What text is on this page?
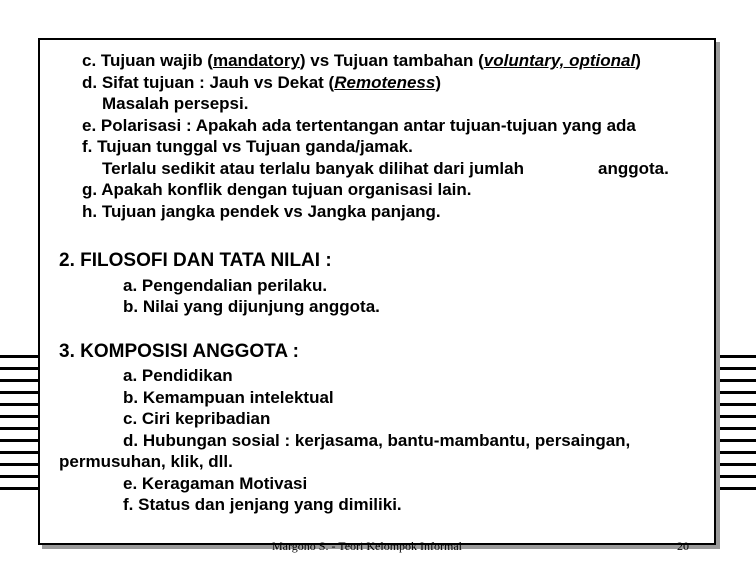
c. Tujuan wajib (mandatory) vs Tujuan tambahan (voluntary, optional)
d. Sifat tujuan : Jauh vs Dekat (Remoteness)
Masalah persepsi.
e. Polarisasi : Apakah ada tertentangan antar tujuan-tujuan yang ada
f. Tujuan tunggal vs Tujuan ganda/jamak.
Terlalu sedikit atau terlalu banyak dilihat dari jumlah	anggota.
g. Apakah konflik dengan tujuan organisasi lain.
h. Tujuan jangka pendek vs Jangka panjang.
2. FILOSOFI DAN TATA NILAI :
a. Pengendalian perilaku.
b. Nilai yang dijunjung anggota.
3. KOMPOSISI ANGGOTA :
a. Pendidikan
b. Kemampuan intelektual
c. Ciri kepribadian
d. Hubungan sosial : kerjasama, bantu-mambantu, persaingan,
permusuhan, klik, dll.
e. Keragaman Motivasi
f. Status dan jenjang yang dimiliki.
Margono S. - Teori Kelompok Informal	20
